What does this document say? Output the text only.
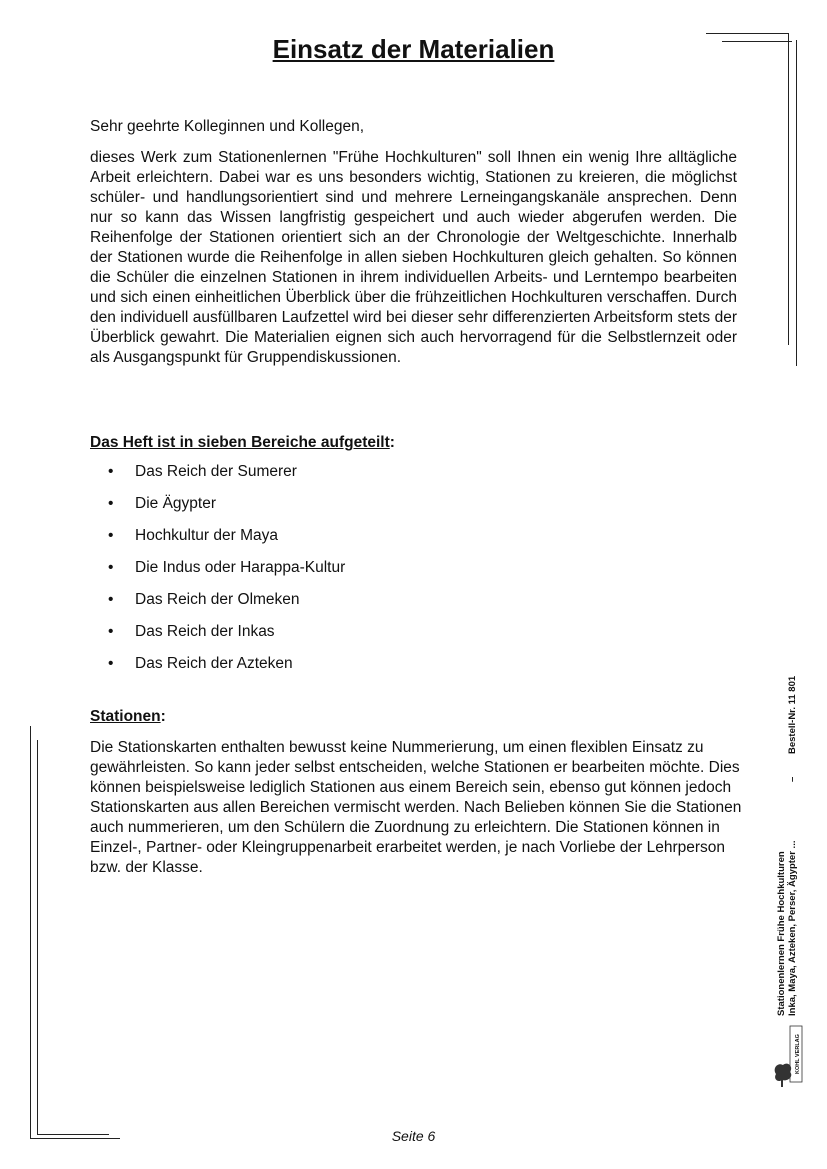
Einsatz der Materialien

Sehr geehrte Kolleginnen und Kollegen,

dieses Werk zum Stationenlernen "Frühe Hochkulturen" soll Ihnen ein wenig Ihre alltägliche Arbeit erleichtern. Dabei war es uns besonders wichtig, Stationen zu kreieren, die möglichst schüler- und handlungsorientiert sind und mehrere Lerneingangskanäle ansprechen. Denn nur so kann das Wissen langfristig gespeichert und auch wieder abgerufen werden. Die Reihenfolge der Stationen orientiert sich an der Chronologie der Weltgeschichte. Innerhalb der Stationen wurde die Reihenfolge in allen sieben Hochkulturen gleich gehalten. So können die Schüler die einzelnen Stationen in ihrem individuellen Arbeits- und Lerntempo bearbeiten und sich einen einheitlichen Überblick über die frühzeitlichen Hochkulturen verschaffen. Durch den individuell ausfüllbaren Laufzettel wird bei dieser sehr differenzierten Arbeitsform stets der Überblick gewahrt. Die Materialien eignen sich auch hervorragend für die Selbstlernzeit oder als Ausgangspunkt für Gruppendiskussionen.

Das Heft ist in sieben Bereiche aufgeteilt:

•	Das Reich der Sumerer
•	Die Ägypter
•	Hochkultur der Maya
•	Die Indus oder Harappa-Kultur
•	Das Reich der Olmeken
•	Das Reich der Inkas
•	Das Reich der Azteken

Stationen:

Die Stationskarten enthalten bewusst keine Nummerierung, um einen flexiblen Einsatz zu gewährleisten. So kann jeder selbst entscheiden, welche Stationen er bearbeiten möchte. Dies können beispielsweise lediglich Stationen aus einem Bereich sein, ebenso gut können jedoch Stationskarten aus allen Bereichen vermischt werden. Nach Belieben können Sie die Stationen auch nummerieren, um den Schülern die Zuordnung zu erleichtern. Die Stationen können in Einzel-, Partner- oder Kleingruppenarbeit erarbeitet werden, je nach Vorliebe der Lehrperson bzw. der Klasse.	Stationenlernen Frühe Hochkulturen Inka, Maya, Azteken, Perser, Ägypter ...
–
Bestell-Nr. 11 801
KOHL VERLAG
Seite 6
